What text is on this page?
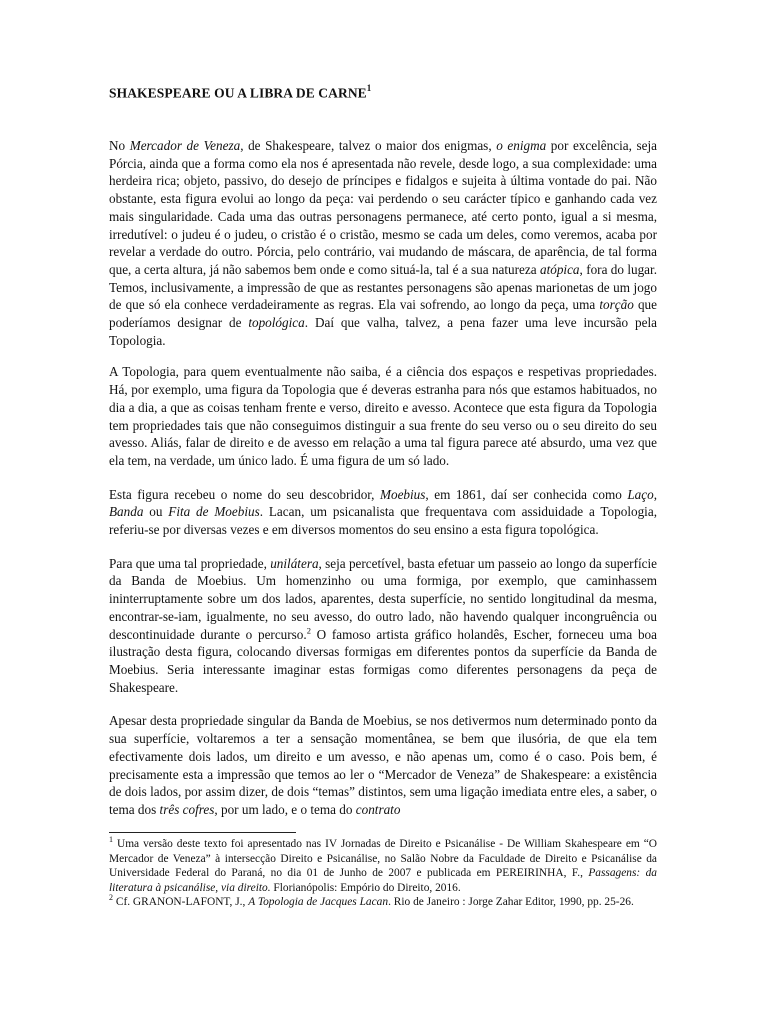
SHAKESPEARE OU A LIBRA DE CARNE$^1$

No Mercador de Veneza, de Shakespeare, talvez o maior dos enigmas, o enigma por excelência, seja Pórcia, ainda que a forma como ela nos é apresentada não revele, desde logo, a sua complexidade: uma herdeira rica; objeto, passivo, do desejo de príncipes e fidalgos e sujeita à última vontade do pai. Não obstante, esta figura evolui ao longo da peça: vai perdendo o seu carácter típico e ganhando cada vez mais singularidade. Cada uma das outras personagens permanece, até certo ponto, igual a si mesma, irredutível: o judeu é o judeu, o cristão é o cristão, mesmo se cada um deles, como veremos, acaba por revelar a verdade do outro. Pórcia, pelo contrário, vai mudando de máscara, de aparência, de tal forma que, a certa altura, já não sabemos bem onde e como situá-la, tal é a sua natureza atópica, fora do lugar. Temos, inclusivamente, a impressão de que as restantes personagens são apenas marionetas de um jogo de que só ela conhece verdadeiramente as regras. Ela vai sofrendo, ao longo da peça, uma torção que poderíamos designar de topológica. Daí que valha, talvez, a pena fazer uma leve incursão pela Topologia.

A Topologia, para quem eventualmente não saiba, é a ciência dos espaços e respetivas propriedades. Há, por exemplo, uma figura da Topologia que é deveras estranha para nós que estamos habituados, no dia a dia, a que as coisas tenham frente e verso, direito e avesso. Acontece que esta figura da Topologia tem propriedades tais que não conseguimos distinguir a sua frente do seu verso ou o seu direito do seu avesso. Aliás, falar de direito e de avesso em relação a uma tal figura parece até absurdo, uma vez que ela tem, na verdade, um único lado. É uma figura de um só lado.

Esta figura recebeu o nome do seu descobridor, Moebius, em 1861, daí ser conhecida como Laço, Banda ou Fita de Moebius. Lacan, um psicanalista que frequentava com assiduidade a Topologia, referiu-se por diversas vezes e em diversos momentos do seu ensino a esta figura topológica.

Para que uma tal propriedade, unilátera, seja percetível, basta efetuar um passeio ao longo da superfície da Banda de Moebius. Um homenzinho ou uma formiga, por exemplo, que caminhassem ininterruptamente sobre um dos lados, aparentes, desta superfície, no sentido longitudinal da mesma, encontrar-se-iam, igualmente, no seu avesso, do outro lado, não havendo qualquer incongruência ou descontinuidade durante o percurso.$^2$ O famoso artista gráfico holandês, Escher, forneceu uma boa ilustração desta figura, colocando diversas formigas em diferentes pontos da superfície da Banda de Moebius. Seria interessante imaginar estas formigas como diferentes personagens da peça de Shakespeare.

Apesar desta propriedade singular da Banda de Moebius, se nos detivermos num determinado ponto da sua superfície, voltaremos a ter a sensação momentânea, se bem que ilusória, de que ela tem efectivamente dois lados, um direito e um avesso, e não apenas um, como é o caso. Pois bem, é precisamente esta a impressão que temos ao ler o “Mercador de Veneza” de Shakespeare: a existência de dois lados, por assim dizer, de dois “temas” distintos, sem uma ligação imediata entre eles, a saber, o tema dos três cofres, por um lado, e o tema do contrato

$^1$ Uma versão deste texto foi apresentado nas IV Jornadas de Direito e Psicanálise - De William Skahespeare em “O Mercador de Veneza” à intersecção Direito e Psicanálise, no Salão Nobre da Faculdade de Direito e Psicanálise da Universidade Federal do Paraná, no dia 01 de Junho de 2007 e publicada em PEREIRINHA, F., Passagens: da literatura à psicanálise, via direito. Florianópolis: Empório do Direito, 2016.

$^2$ Cf. GRANON-LAFONT, J., A Topologia de Jacques Lacan. Rio de Janeiro : Jorge Zahar Editor, 1990, pp. 25-26.
